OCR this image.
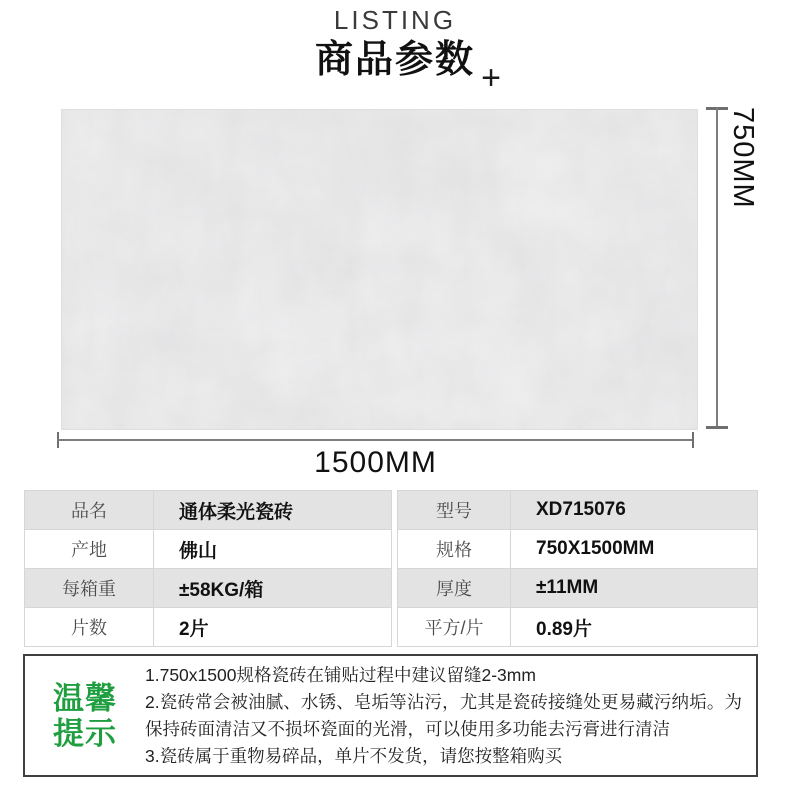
LISTING
商品参数 +
750MM
1500MM
品名	通体柔光瓷砖
产地	佛山
每箱重	±58KG/箱
片数	2片
型号	XD715076
规格	750X1500MM
厚度	±11MM
平方/片	0.89片
温馨
提示
1.750x1500规格瓷砖在铺贴过程中建议留缝2-3mm
2.瓷砖常会被油腻、水锈、皂垢等沾污，尤其是瓷砖接缝处更易藏污纳垢。为保持砖面清洁又不损坏瓷面的光滑，可以使用多功能去污膏进行清洁
3.瓷砖属于重物易碎品，单片不发货，请您按整箱购买
